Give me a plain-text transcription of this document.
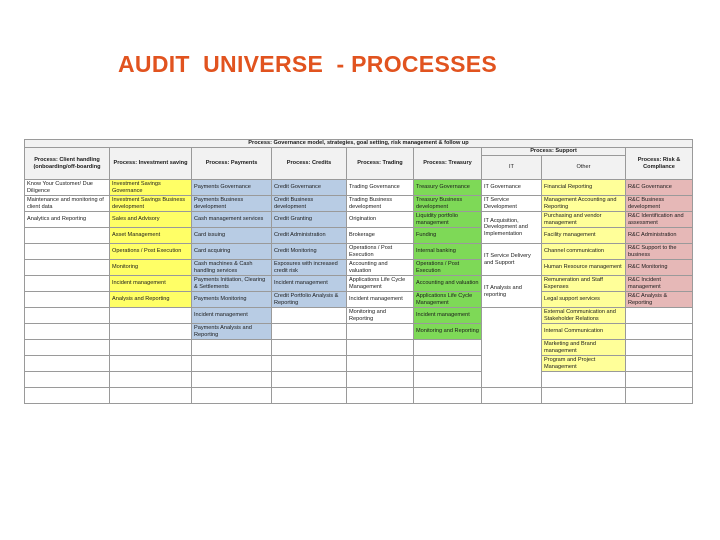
AUDIT  UNIVERSE  - PROCESSES
Process: Governance model, strategies, goal setting, risk management & follow up								
Process: Client handling (onboarding/off-boarding	Process: Investment saving	Process: Payments	Process: Credits	Process: Trading	Process: Treasury	Process: Support		Process: Risk & Compliance
						IT	Other	

Know Your Customer/ Due Diligence	Investment Savings Governance	Payments Governance	Credit Governance	Trading Governance	Treasury Governance	IT Governance	Financial Reporting	R&C Governance
Maintenance and monitoring of client data	Investment Savings Business development	Payments Business development	Credit Business development	Trading Business development	Treasury Business development	IT Service Development	Management Accounting and Reporting	R&C Business development
Analytics and Reporting	Sales and Advisory	Cash management services	Credit Granting	Origination	Liquidity portfolio management	IT Acquisition, Development and Implementation	Purchasing and vendor management	R&C Identification and assessment
	Asset Management	Card issuing	Credit Administration	Brokerage	Funding		Facility management	R&C Administration
	Operations / Post Execution	Card acquiring	Credit Monitoring	Operations / Post Execution	Internal banking	IT Service Delivery and Support	Channel communication	R&C Support to the business
	Monitoring	Cash machines & Cash handling services	Exposures with increased credit risk	Accounting and valuation	Operations / Post Execution		Human Resource management	R&C Monitoring
	Incident management	Payments Initiation, Clearing & Settlements	Incident management	Applications Life Cycle Management	Accounting and valuation	IT Analysis and reporting	Remuneration and Staff Expenses	R&C Incident management
	Analysis and Reporting	Payments Monitoring	Credit Portfolio Analysis & Reporting	Incident management	Applications Life Cycle Management		Legal support services	R&C Analysis & Reporting
		Incident management		Monitoring and Reporting	Incident management		External Communication and Stakeholder Relations	
		Payments Analysis and Reporting			Monitoring and Reporting		Internal Communication	
							Marketing and Brand management	
							Program and Project Management	
